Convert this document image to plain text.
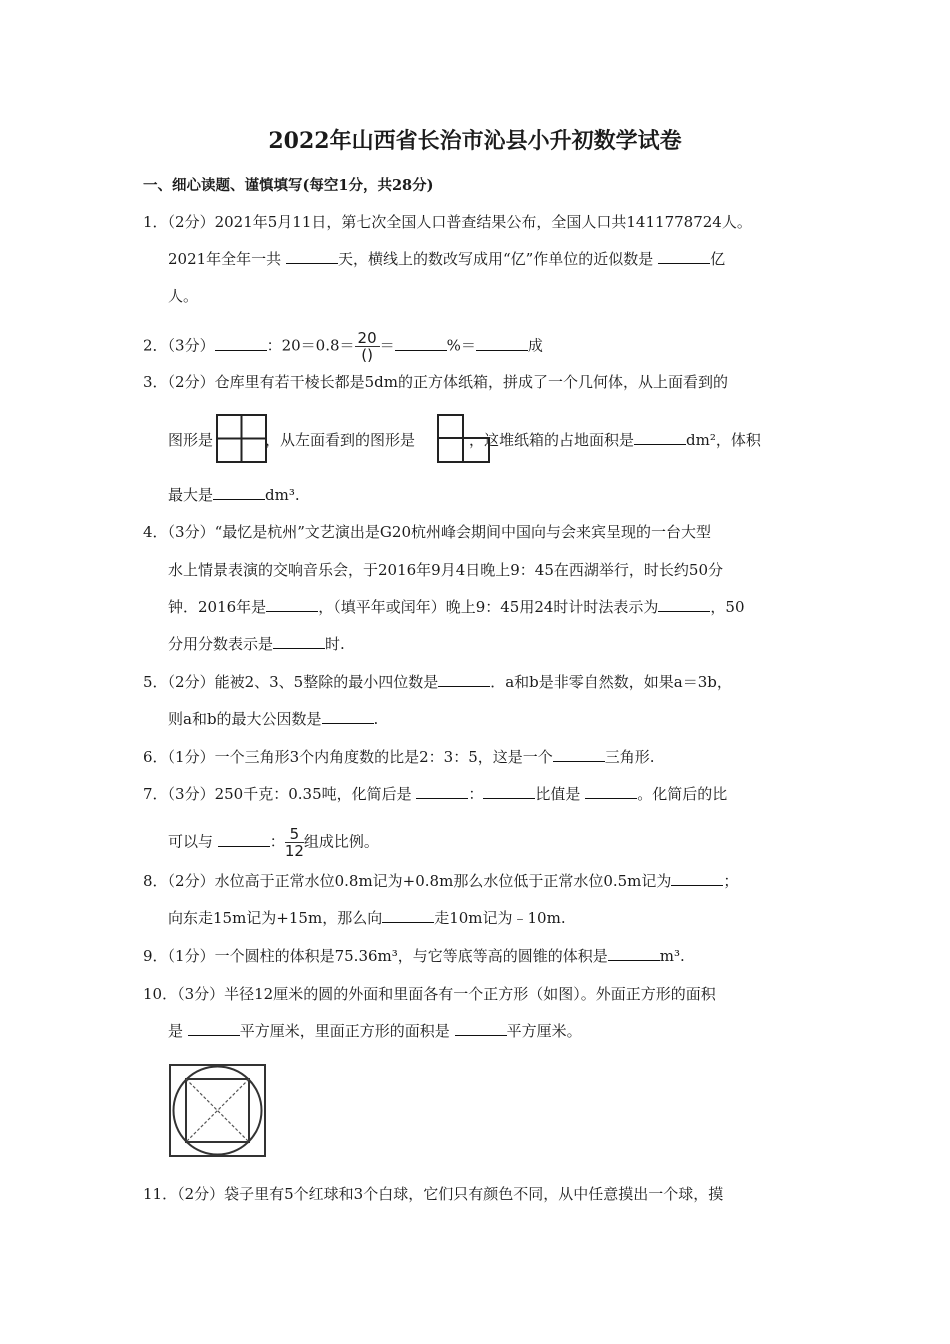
2022年山西省长治市沁县小升初数学试卷
一、细心读题、谨慎填写(每空1分，共28分)
1．（2分）2021年5月11日，第七次全国人口普查结果公布，全国人口共1411778724人。
2021年全年一共	天，横线上的数改写成用“亿”作单位的近似数是	亿
人。
2．（3分）	：$20=0.8= \frac{20}{()}$ ＝	%＝	成
3．（2分）仓库里有若干棱长都是5dm的正方体纸箱，拼成了一个几何体，从上面看到的
图形是	，从左面看到的图形是	，这堆纸箱的占地面积是	dm²，体积
最大是	dm³.
4．（3分）“最忆是杭州”文艺演出是G20杭州峰会期间中国向与会来宾呈现的一台大型
水上情景表演的交响音乐会，于2016年9月4日晚上9：45在西湖举行，时长约50分
钟．2016年是	，（填平年或闰年）晚上9：45用24时计时法表示为	，50
分用分数表示是	时.
5．（2分）能被2、3、5整除的最小四位数是	．a和b是非零自然数，如果a＝3b，
则a和b的最大公因数是	.
6．（1分）一个三角形3个内角度数的比是2：3：5，这是一个	三角形.
7．（3分）250千克：0.35吨，化简后是	：	比值是	。化简后的比
可以与	： $\frac{5}{12}$ 组成比例。
8．（2分）水位高于正常水位0.8m记为+0.8m那么水位低于正常水位0.5m记为	；
向东走15m记为+15m，那么向	走10m记为﹣10m.
9．（1分）一个圆柱的体积是75.36m³，与它等底等高的圆锥的体积是	m³.
10．（3分）半径12厘米的圆的外面和里面各有一个正方形（如图）。外面正方形的面积
是	平方厘米，里面正方形的面积是	平方厘米。
11．（2分）袋子里有5个红球和3个白球，它们只有颜色不同，从中任意摸出一个球，摸
